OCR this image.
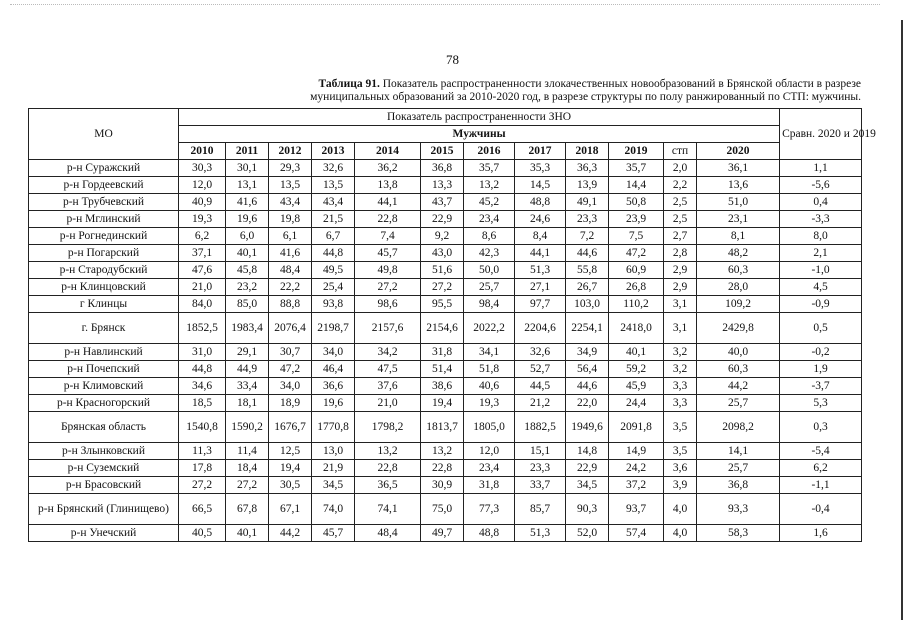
78
Таблица 91. Показатель распространенности злокачественных новообразований в Брянской области в разрезе
муниципальных образований за 2010-2020 год, в разрезе структуры по полу ранжированный по СТП: мужчины.
МО	Показатель распространенности ЗНО												Сравн. 2020 и 2019
	Мужчины												
	2010	2011	2012	2013	2014	2015	2016	2017	2018	2019	стп	2020	
р-н Суражский	30,3	30,1	29,3	32,6	36,2	36,8	35,7	35,3	36,3	35,7	2,0	36,1	1,1
р-н Гордеевский	12,0	13,1	13,5	13,5	13,8	13,3	13,2	14,5	13,9	14,4	2,2	13,6	-5,6
р-н Трубчевский	40,9	41,6	43,4	43,4	44,1	43,7	45,2	48,8	49,1	50,8	2,5	51,0	0,4
р-н Мглинский	19,3	19,6	19,8	21,5	22,8	22,9	23,4	24,6	23,3	23,9	2,5	23,1	-3,3
р-н Рогнединский	6,2	6,0	6,1	6,7	7,4	9,2	8,6	8,4	7,2	7,5	2,7	8,1	8,0
р-н Погарский	37,1	40,1	41,6	44,8	45,7	43,0	42,3	44,1	44,6	47,2	2,8	48,2	2,1
р-н Стародубский	47,6	45,8	48,4	49,5	49,8	51,6	50,0	51,3	55,8	60,9	2,9	60,3	-1,0
р-н Клинцовский	21,0	23,2	22,2	25,4	27,2	27,2	25,7	27,1	26,7	26,8	2,9	28,0	4,5
г Клинцы	84,0	85,0	88,8	93,8	98,6	95,5	98,4	97,7	103,0	110,2	3,1	109,2	-0,9
г. Брянск	1852,5	1983,4	2076,4	2198,7	2157,6	2154,6	2022,2	2204,6	2254,1	2418,0	3,1	2429,8	0,5
р-н Навлинский	31,0	29,1	30,7	34,0	34,2	31,8	34,1	32,6	34,9	40,1	3,2	40,0	-0,2
р-н Почепский	44,8	44,9	47,2	46,4	47,5	51,4	51,8	52,7	56,4	59,2	3,2	60,3	1,9
р-н Климовский	34,6	33,4	34,0	36,6	37,6	38,6	40,6	44,5	44,6	45,9	3,3	44,2	-3,7
р-н Красногорский	18,5	18,1	18,9	19,6	21,0	19,4	19,3	21,2	22,0	24,4	3,3	25,7	5,3
Брянская область	1540,8	1590,2	1676,7	1770,8	1798,2	1813,7	1805,0	1882,5	1949,6	2091,8	3,5	2098,2	0,3
р-н Злынковский	11,3	11,4	12,5	13,0	13,2	13,2	12,0	15,1	14,8	14,9	3,5	14,1	-5,4
р-н Суземский	17,8	18,4	19,4	21,9	22,8	22,8	23,4	23,3	22,9	24,2	3,6	25,7	6,2
р-н Брасовский	27,2	27,2	30,5	34,5	36,5	30,9	31,8	33,7	34,5	37,2	3,9	36,8	-1,1
р-н Брянский (Глинищево)	66,5	67,8	67,1	74,0	74,1	75,0	77,3	85,7	90,3	93,7	4,0	93,3	-0,4
р-н Унечский	40,5	40,1	44,2	45,7	48,4	49,7	48,8	51,3	52,0	57,4	4,0	58,3	1,6
